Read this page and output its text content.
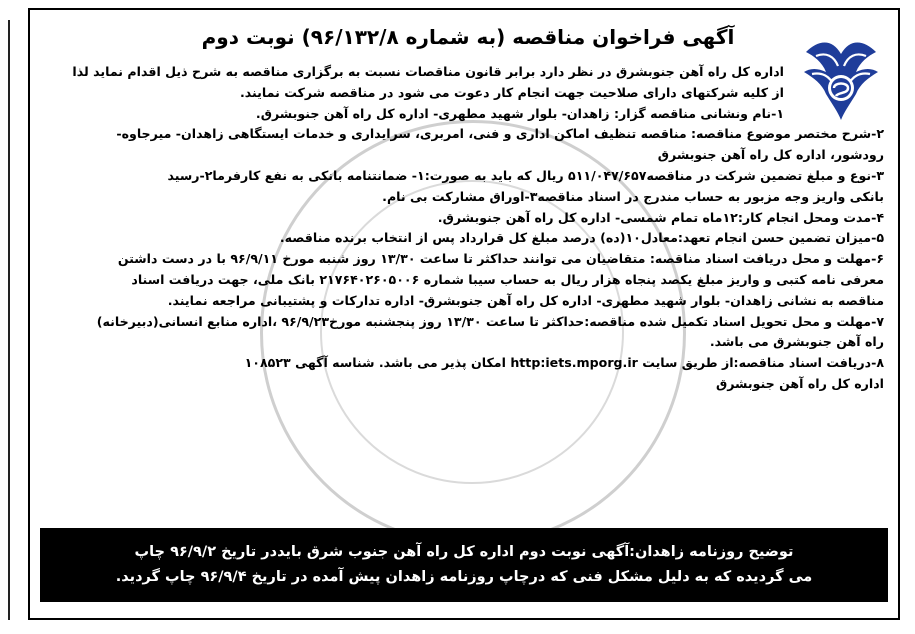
آگهی فراخوان مناقصه (به شماره ۹۶/۱۳۲/۸) نوبت دوم

اداره کل راه آهن جنوبشرق در نظر دارد برابر قانون مناقصات نسبت به برگزاری مناقصه به شرح ذیل اقدام نماید لذا

از کلیه شرکتهای دارای صلاحیت جهت انجام کار دعوت می شود در مناقصه شرکت نمایند.

۱-نام ونشانی مناقصه گزار: زاهدان- بلوار شهید مطهری- اداره کل راه آهن جنوبشرق.

۲-شرح مختصر موضوع مناقصه: مناقصه تنظیف اماکن اداری و فنی، امربری، سرایداری و خدمات ایستگاهی زاهدان- میرجاوه-

رودشور، اداره کل راه آهن جنوبشرق

۳-نوع و مبلغ تضمین شرکت در مناقصه۵۱۱/۰۴۷/۶۵۷ ریال که باید به صورت:۱- ضمانتنامه بانکی به نفع کارفرما۲-رسید

بانکی واریز وجه مزبور به حساب مندرج در اسناد مناقصه۳-اوراق مشارکت بی نام.

۴-مدت ومحل انجام کار:۱۲ماه تمام شمسی- اداره کل راه آهن جنوبشرق.

۵-میزان تضمین حسن انجام تعهد:معادل۱۰(ده) درصد مبلغ کل قرارداد پس از انتخاب برنده مناقصه.

۶-مهلت و محل دریافت اسناد مناقصه: متقاضیان می توانند حداکثر تا ساعت ۱۳/۳۰ روز شنبه مورخ ۹۶/۹/۱۱ با در دست داشتن

معرفی نامه کتبی و واریز مبلغ یکصد پنجاه هزار ریال به حساب سیبا شماره ۲۱۷۶۴۰۲۶۰۵۰۰۶ بانک ملی، جهت دریافت اسناد

مناقصه به نشانی زاهدان- بلوار شهید مطهری- اداره کل راه آهن جنوبشرق- اداره تدارکات و پشتیبانی مراجعه نمایند.

۷-مهلت و محل تحویل اسناد تکمیل شده مناقصه:حداکثر تا ساعت ۱۳/۳۰ روز پنجشنبه مورخ۹۶/۹/۲۳ ،اداره منابع انسانی(دبیرخانه)

راه آهن جنوبشرق می باشد.

۸-دریافت اسناد مناقصه:از طریق سایت http:iets.mporg.ir امکان پذیر می باشد. شناسه آگهی ۱۰۸۵۲۳

اداره کل راه آهن جنوبشرق

توضیح روزنامه زاهدان:آگهی نوبت دوم اداره کل راه آهن جنوب شرق بایددر تاریخ ۹۶/۹/۲ چاپ
می گردیده که به دلیل مشکل فنی که درچاپ روزنامه زاهدان پیش آمده در تاریخ ۹۶/۹/۴ چاپ گردید.
